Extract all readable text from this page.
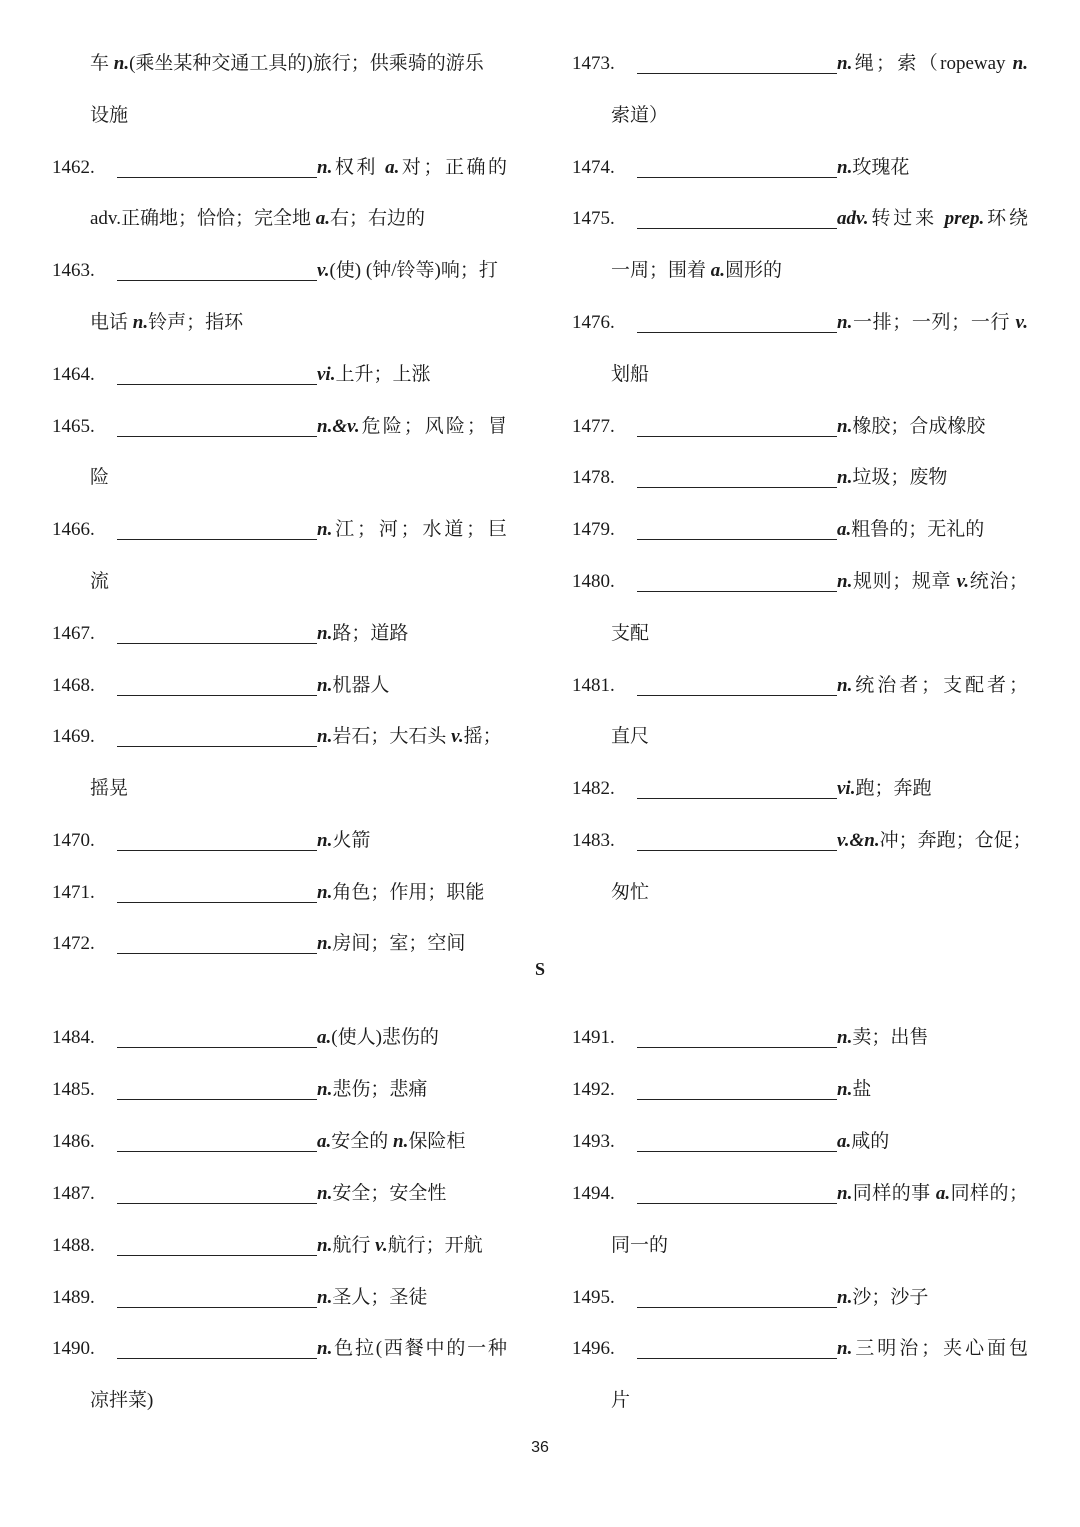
S
36
车 n.(乘坐某种交通工具的)旅行；供乘骑的游乐
设施
1462.	n.权利 a.对；正确的
adv.正确地；恰恰；完全地 a.右；右边的
1463.	v.(使) (钟/铃等)响；打
电话 n.铃声；指环
1464.	vi.上升；上涨
1465.	n.&v.危险；风险；冒
险
1466.	n.江；河；水道；巨
流
1467.	n.路；道路
1468.	n.机器人
1469.	n.岩石；大石头 v.摇；
摇晃
1470.	n.火箭
1471.	n.角色；作用；职能
1472.	n.房间；室；空间
1473.	n.绳；索（ropeway n.
索道）
1474.	n.玫瑰花
1475.	adv.转过来 prep.环绕
一周；围着 a.圆形的
1476.	n.一排；一列；一行 v.
划船
1477.	n.橡胶；合成橡胶
1478.	n.垃圾；废物
1479.	a.粗鲁的；无礼的
1480.	n.规则；规章 v.统治；
支配
1481.	n.统治者；支配者；
直尺
1482.	vi.跑；奔跑
1483.	v.&n.冲；奔跑；仓促；
匆忙
1484.	a.(使人)悲伤的
1485.	n.悲伤；悲痛
1486.	a.安全的 n.保险柜
1487.	n.安全；安全性
1488.	n.航行 v.航行；开航
1489.	n.圣人；圣徒
1490.	n.色拉(西餐中的一种
凉拌菜)
1491.	n.卖；出售
1492.	n.盐
1493.	a.咸的
1494.	n.同样的事 a.同样的；
同一的
1495.	n.沙；沙子
1496.	n.三明治；夹心面包
片
